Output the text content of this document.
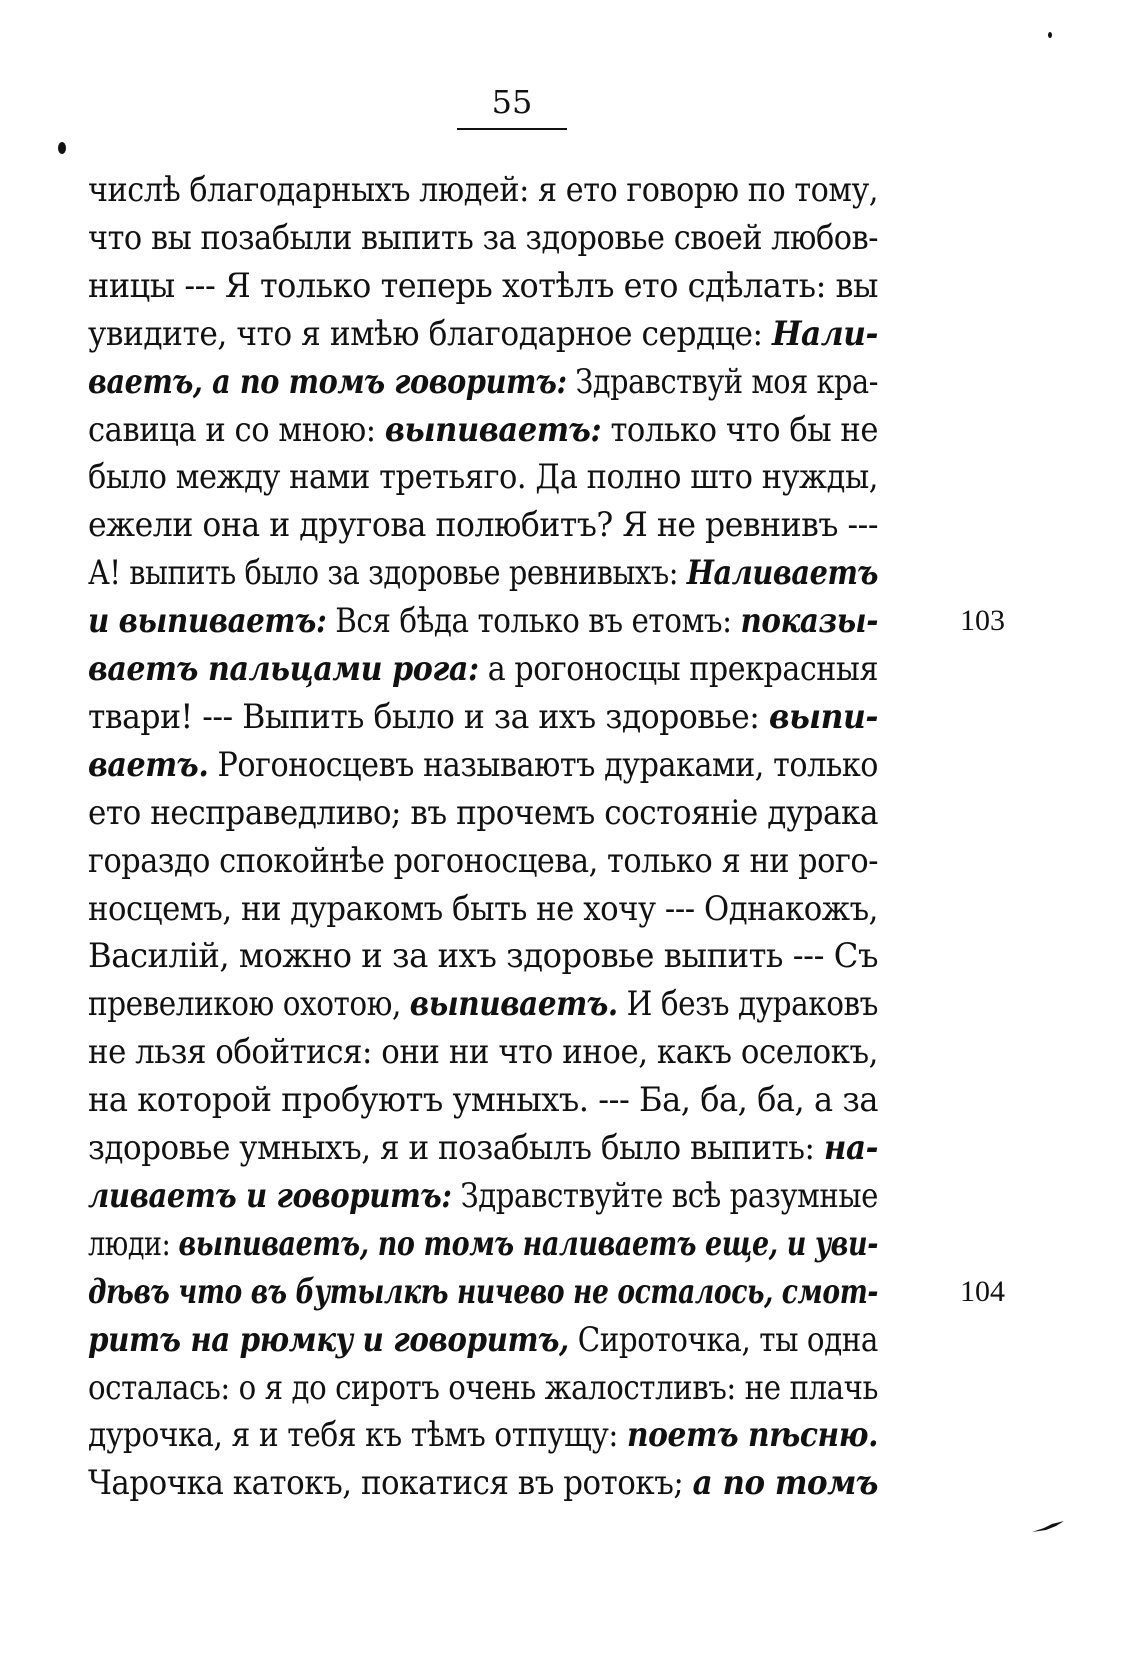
55
числѣ благодарныхъ людей: я ето говорю по тому,
что вы позабыли выпить за здоровье своей любов-
ницы --- Я только теперь хотѣлъ ето сдѣлать: вы
увидите, что я имѣю благодарное сердце: Нали-
ваетъ, а по томъ говоритъ: Здравствуй моя кра-
савица и со мною: выпиваетъ: только что бы не
было между нами третьяго. Да полно што нужды,
ежели она и другова полюбитъ? Я не ревнивъ ---
А! выпить было за здоровье ревнивыхъ: Наливаетъ
и выпиваетъ: Вся бѣда только въ етомъ: показы-
ваетъ пальцами рога: а рогоносцы прекрасныя
твари! --- Выпить было и за ихъ здоровье: выпи-
ваетъ. Рогоносцевъ называютъ дураками, только
ето несправедливо; въ прочемъ состояніе дурака
гораздо спокойнѣе рогоносцева, только я ни рого-
носцемъ, ни дуракомъ быть не хочу --- Однакожъ,
Василій, можно и за ихъ здоровье выпить --- Съ
превеликою охотою, выпиваетъ. И безъ дураковъ
не льзя обойтися: они ни что иное, какъ оселокъ,
на которой пробуютъ умныхъ. --- Ба, ба, ба, а за
здоровье умныхъ, я и позабылъ было выпить: на-
ливаетъ и говоритъ: Здравствуйте всѣ разумные
люди: выпиваетъ, по томъ наливаетъ еще, и уви-
дѣвъ что въ бутылкѣ ничево не осталось, смот-
ритъ на рюмку и говоритъ, Сироточка, ты одна
осталась: о я до сиротъ очень жалостливъ: не плачь
дурочка, я и тебя къ тѣмъ отпущу: поетъ пѣсню.
Чарочка катокъ, покатися въ ротокъ; а по томъ
103
104
